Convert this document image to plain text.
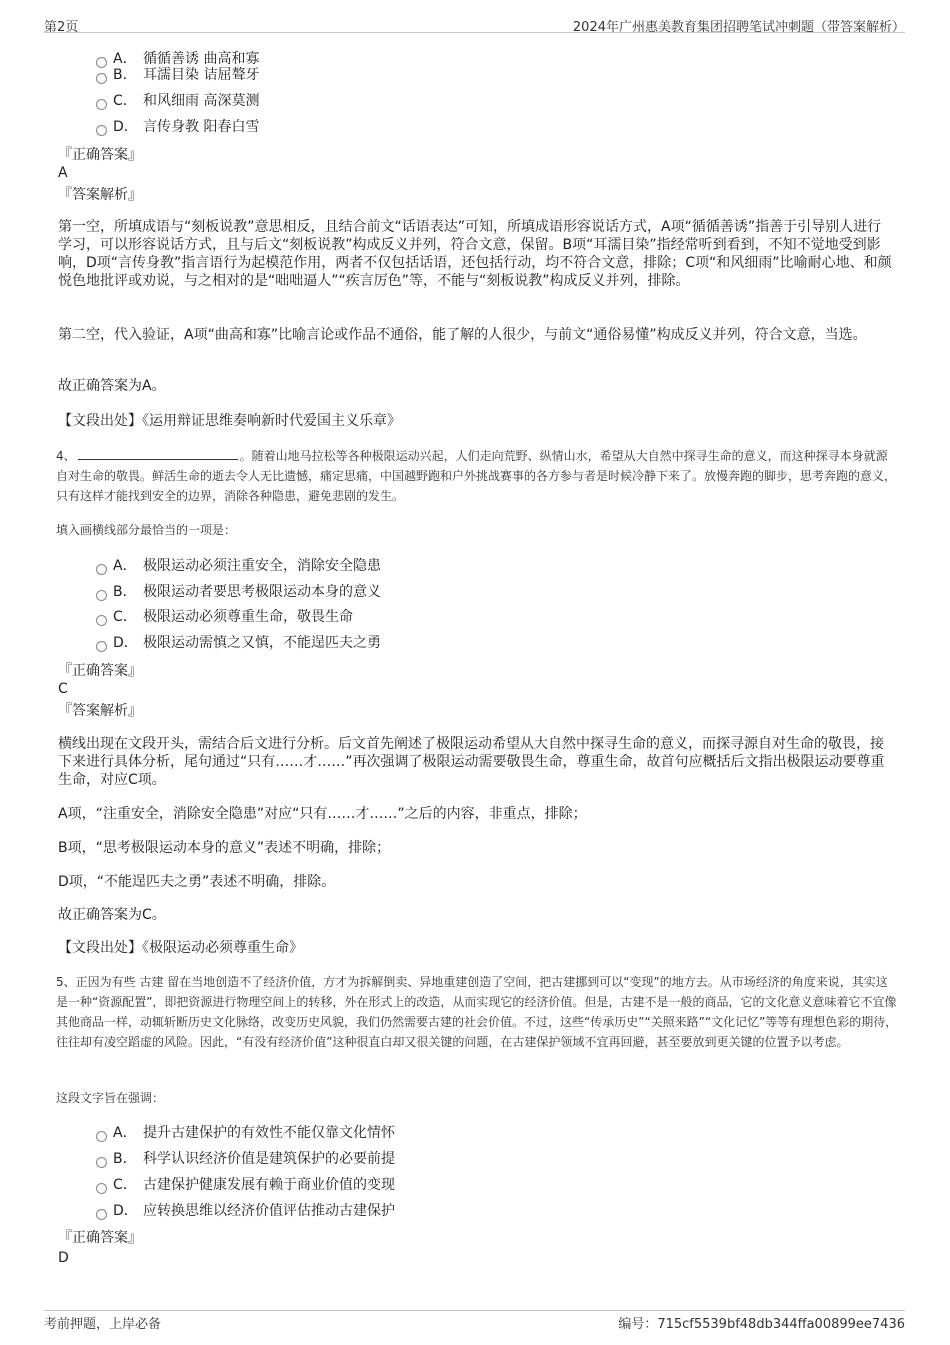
第2页	2024年广州惠美教育集团招聘笔试冲刺题（带答案解析）
A． 循循善诱 曲高和寡
B． 耳濡目染 诘屈聱牙
C． 和风细雨 高深莫测
D． 言传身教 阳春白雪
『正确答案』
A
『答案解析』
第一空，所填成语与“刻板说教”意思相反，且结合前文“话语表达”可知，所填成语形容说话方式，A项“循循善诱”指善于引导别人进行学习，可以形容说话方式，且与后文“刻板说教”构成反义并列，符合文意，保留。B项“耳濡目染”指经常听到看到，不知不觉地受到影响，D项“言传身教”指言语行为起模范作用，两者不仅包括话语，还包括行动，均不符合文意，排除；C项“和风细雨”比喻耐心地、和颜悦色地批评或劝说，与之相对的是“咄咄逼人”“疾言厉色”等，不能与“刻板说教”构成反义并列，排除。
第二空，代入验证，A项“曲高和寡”比喻言论或作品不通俗，能了解的人很少，与前文“通俗易懂”构成反义并列，符合文意，当选。
故正确答案为A。
【文段出处】《运用辩证思维奏响新时代爱国主义乐章》
4、	。随着山地马拉松等各种极限运动兴起，人们走向荒野、纵情山水，希望从大自然中探寻生命的意义，而这种探寻本身就源自对生命的敬畏。鲜活生命的逝去令人无比遗憾，痛定思痛，中国越野跑和户外挑战赛事的各方参与者是时候冷静下来了。放慢奔跑的脚步，思考奔跑的意义，只有这样才能找到安全的边界，消除各种隐患，避免悲剧的发生。
填入画横线部分最恰当的一项是：
A． 极限运动必须注重安全，消除安全隐患
B． 极限运动者要思考极限运动本身的意义
C． 极限运动必须尊重生命，敬畏生命
D． 极限运动需慎之又慎，不能逞匹夫之勇
『正确答案』
C
『答案解析』
横线出现在文段开头，需结合后文进行分析。后文首先阐述了极限运动希望从大自然中探寻生命的意义，而探寻源自对生命的敬畏，接下来进行具体分析，尾句通过“只有……才……”再次强调了极限运动需要敬畏生命，尊重生命，故首句应概括后文指出极限运动要尊重生命，对应C项。
A项，“注重安全，消除安全隐患”对应“只有……才……”之后的内容，非重点，排除；
B项，“思考极限运动本身的意义”表述不明确，排除；
D项，“不能逞匹夫之勇”表述不明确，排除。
故正确答案为C。
【文段出处】《极限运动必须尊重生命》
5、正因为有些 古建 留在当地创造不了经济价值，方才为拆解倒卖、异地重建创造了空间，把古建挪到可以“变现”的地方去。从市场经济的角度来说，其实这是一种“资源配置”，即把资源进行物理空间上的转移，外在形式上的改造，从而实现它的经济价值。但是，古建不是一般的商品，它的文化意义意味着它不宜像其他商品一样，动辄斩断历史文化脉络，改变历史风貌，我们仍然需要古建的社会价值。不过，这些“传承历史”“关照来路”“文化记忆”等等有理想色彩的期待，往往却有凌空蹈虚的风险。因此，“有没有经济价值”这种很直白却又很关键的问题，在古建保护领域不宜再回避，甚至要放到更关键的位置予以考虑。
这段文字旨在强调：
A． 提升古建保护的有效性不能仅靠文化情怀
B． 科学认识经济价值是建筑保护的必要前提
C． 古建保护健康发展有赖于商业价值的变现
D． 应转换思维以经济价值评估推动古建保护
『正确答案』
D
考前押题，上岸必备	编号：715cf5539bf48db344ffa00899ee7436
